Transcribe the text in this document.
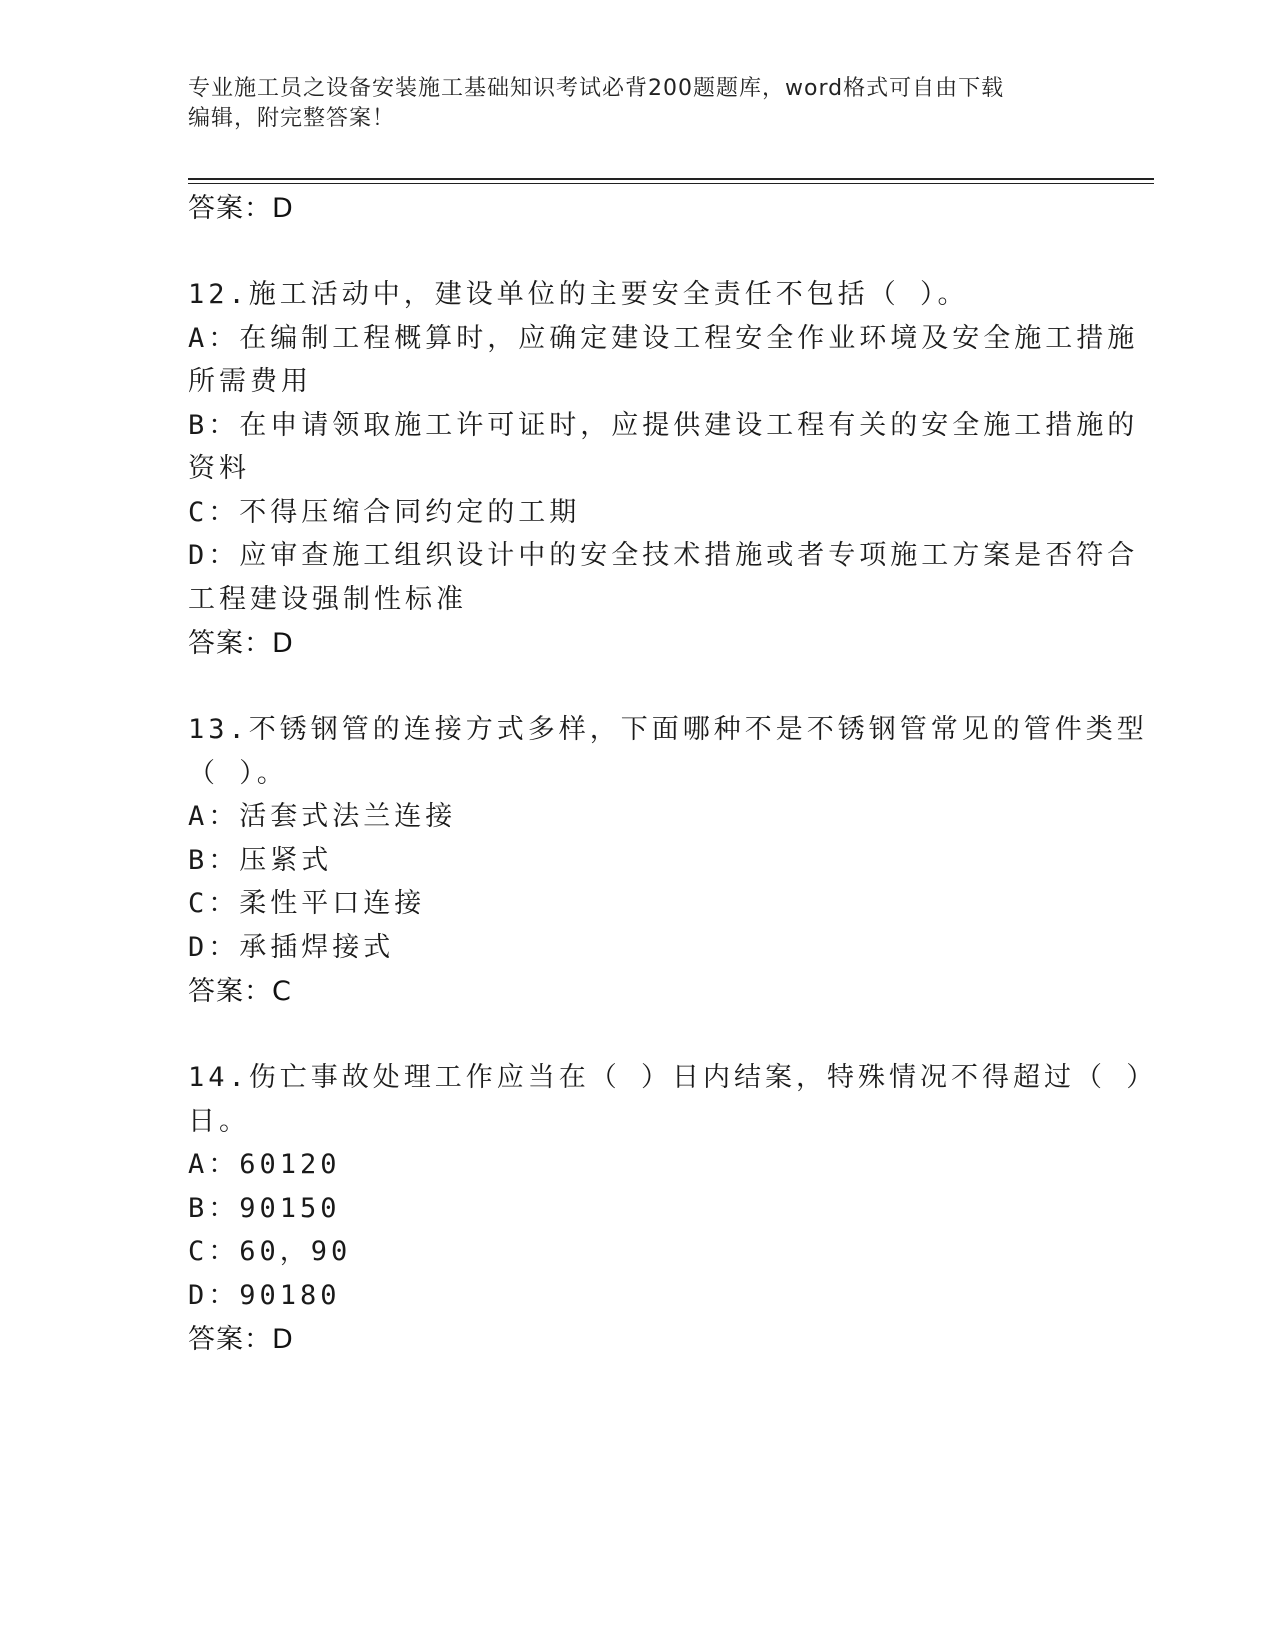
专业施工员之设备安装施工基础知识考试必背200题题库，word格式可自由下载
编辑，附完整答案！
答案：D
12.施工活动中，建设单位的主要安全责任不包括（ ）。
A：在编制工程概算时，应确定建设工程安全作业环境及安全施工措施
所需费用
B：在申请领取施工许可证时，应提供建设工程有关的安全施工措施的
资料
C：不得压缩合同约定的工期
D：应审查施工组织设计中的安全技术措施或者专项施工方案是否符合
工程建设强制性标准
答案：D
13.不锈钢管的连接方式多样，下面哪种不是不锈钢管常见的管件类型
（ ）。
A：活套式法兰连接
B：压紧式
C：柔性平口连接
D：承插焊接式
答案：C
14.伤亡事故处理工作应当在（ ）日内结案，特殊情况不得超过（ ）
日。
A：60120
B：90150
C：60，90
D：90180
答案：D
